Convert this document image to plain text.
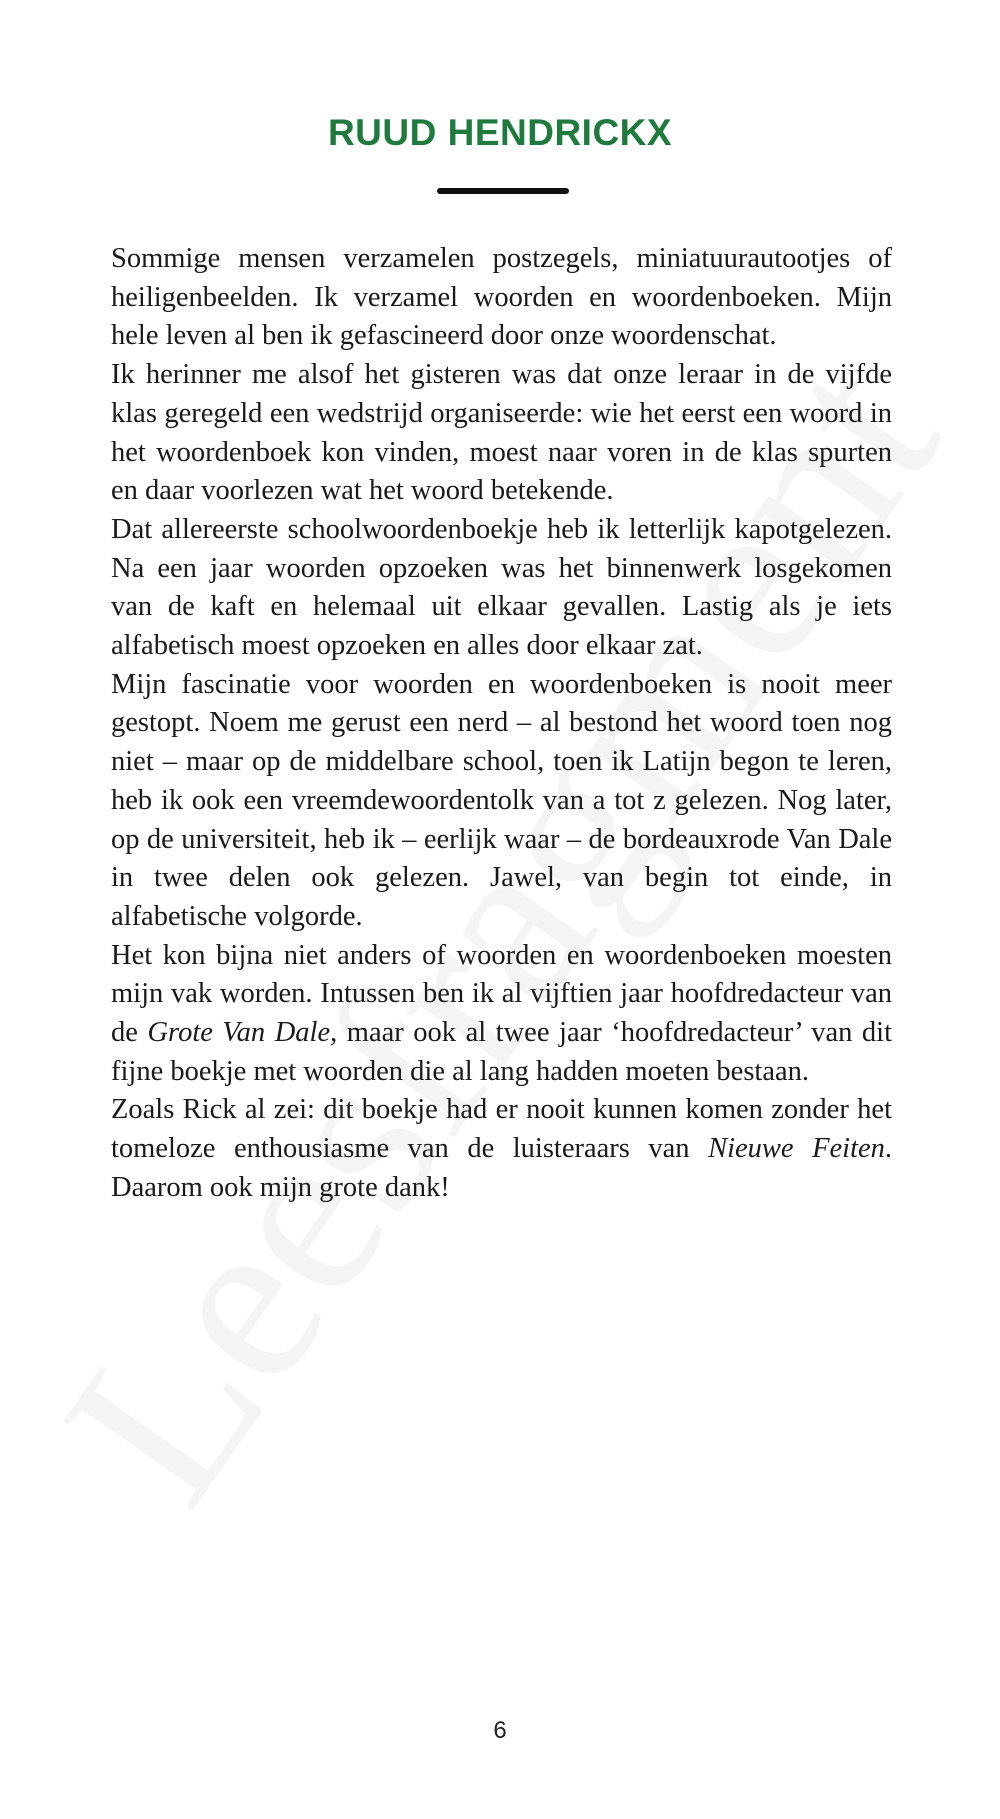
RUUD HENDRICKX

Sommige mensen verzamelen postzegels, miniatuurautootjes of heiligenbeelden. Ik verzamel woorden en woordenboeken. Mijn hele leven al ben ik gefascineerd door onze woordenschat.

Ik herinner me alsof het gisteren was dat onze leraar in de vijfde klas geregeld een wedstrijd organiseerde: wie het eerst een woord in het woordenboek kon vinden, moest naar voren in de klas spurten en daar voorlezen wat het woord betekende.

Dat allereerste schoolwoordenboekje heb ik letterlijk kapotgelezen. Na een jaar woorden opzoeken was het binnenwerk losgekomen van de kaft en helemaal uit elkaar gevallen. Lastig als je iets alfabetisch moest opzoeken en alles door elkaar zat.

Mijn fascinatie voor woorden en woordenboeken is nooit meer gestopt. Noem me gerust een nerd – al bestond het woord toen nog niet – maar op de middelbare school, toen ik Latijn begon te leren, heb ik ook een vreemdewoordentolk van a tot z gelezen. Nog later, op de universiteit, heb ik – eerlijk waar – de bordeauxrode Van Dale in twee delen ook gelezen. Jawel, van begin tot einde, in alfabetische volgorde.

Het kon bijna niet anders of woorden en woordenboeken moesten mijn vak worden. Intussen ben ik al vijftien jaar hoofdredacteur van de Grote Van Dale, maar ook al twee jaar ‘hoofdredacteur’ van dit fijne boekje met woorden die al lang hadden moeten bestaan.

Zoals Rick al zei: dit boekje had er nooit kunnen komen zonder het tomeloze enthousiasme van de luisteraars van Nieuwe Feiten. Daarom ook mijn grote dank!

6
